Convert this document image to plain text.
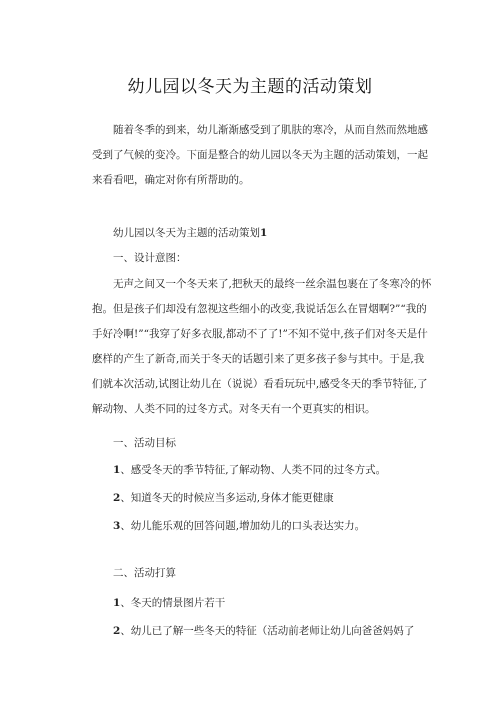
幼儿园以冬天为主题的活动策划

随着冬季的到来，幼儿渐渐感受到了肌肤的寒冷，从而自然而然地感受到了气候的变冷。下面是整合的幼儿园以冬天为主题的活动策划，一起来看看吧，确定对你有所帮助的。

幼儿园以冬天为主题的活动策划1
一、设计意图：

无声之间又一个冬天来了,把秋天的最终一丝余温包裹在了冬寒冷的怀抱。但是孩子们却没有忽视这些细小的改变,我说话怎么在冒烟啊?”“我的手好冷啊!”“我穿了好多衣服,都动不了了!”不知不觉中,孩子们对冬天是什麽样的产生了新奇,而关于冬天的话题引来了更多孩子参与其中。于是,我们就本次活动,试图让幼儿在（说说）看看玩玩中,感受冬天的季节特征,了解动物、人类不同的过冬方式。对冬天有一个更真实的相识。

一、活动目标
1、感受冬天的季节特征,了解动物、人类不同的过冬方式。
2、知道冬天的时候应当多运动,身体才能更健康
3、幼儿能乐观的回答问题,增加幼儿的口头表达实力。
二、活动打算
1、冬天的情景图片若干
2、幼儿已了解一些冬天的特征（活动前老师让幼儿向爸爸妈妈了
